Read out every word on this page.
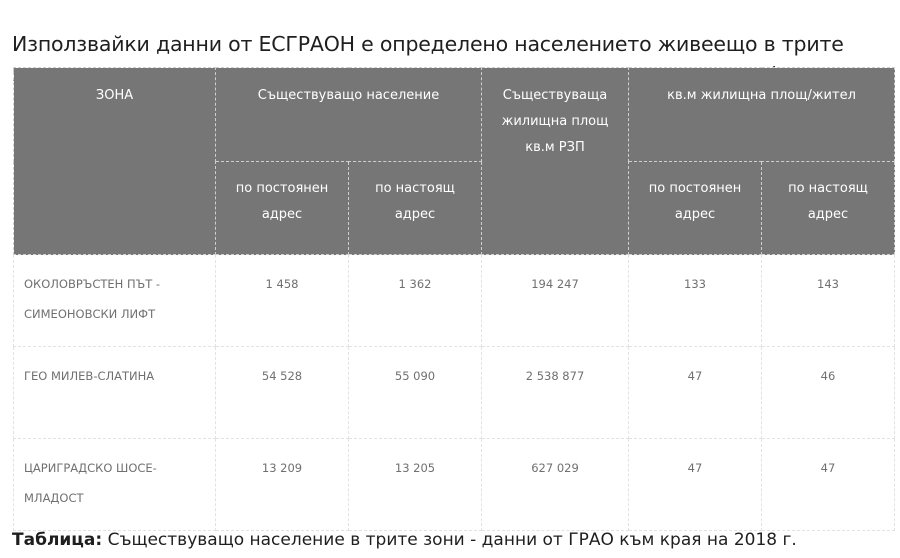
Използвайки данни от ЕСГРАОН е определено населението живеещо в трите

ЗОНА	Съществуващо население		Съществуваща жилищна площ кв.м РЗП	кв.м жилищна площ/жител	
	по постоянен адрес	по настоящ адрес		по постоянен адрес	по настоящ адрес
ОКОЛОВРЪСТЕН ПЪТ - СИМЕОНОВСКИ ЛИФТ	1 458	1 362	194 247	133	143
ГЕО МИЛЕВ-СЛАТИНА	54 528	55 090	2 538 877	47	46
ЦАРИГРАДСКО ШОСЕ-МЛАДОСТ	13 209	13 205	627 029	47	47
Таблица: Съществуващо население в трите зони - данни от ГРАО към края на 2018 г.
